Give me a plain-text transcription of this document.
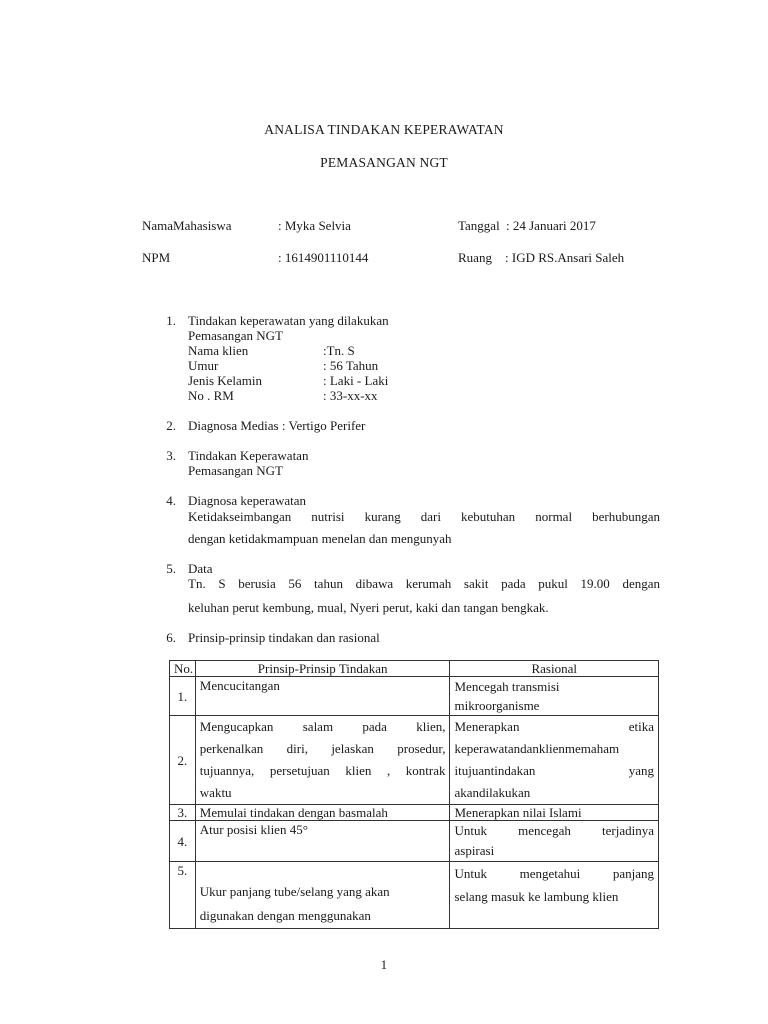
ANALISA TINDAKAN KEPERAWATAN
PEMASANGAN NGT
NamaMahasiswa	: Myka Selvia	Tanggal : 24 Januari 2017
NPM	: 1614901110144	Ruang : IGD RS.Ansari Saleh
1. Tindakan keperawatan yang dilakukan
Pemasangan NGT
Nama klien	:Tn. S
Umur	: 56 Tahun
Jenis Kelamin	: Laki - Laki
No . RM	: 33-xx-xx
2. Diagnosa Medias : Vertigo Perifer
3. Tindakan Keperawatan
Pemasangan NGT
4. Diagnosa keperawatan
Ketidakseimbangan nutrisi kurang dari kebutuhan normal berhubungan
dengan ketidakmampuan menelan dan mengunyah
5. Data
Tn. S berusia 56 tahun dibawa kerumah sakit pada pukul 19.00 dengan
keluhan perut kembung, mual, Nyeri perut, kaki dan tangan bengkak.
6. Prinsip-prinsip tindakan dan rasional
No.	Prinsip-Prinsip Tindakan	Rasional
1.	Mencucitangan	Mencegah transmisi
mikroorganisme

2.	Mengucapkan salam pada klien,
perkenalkan diri, jelaskan prosedur,
tujuannya, persetujuan klien , kontrak
waktu	Menerapkan etika
keperawatandanklienmemaham
itujuantindakan yang
akandilakukan

3.	Memulai tindakan dengan basmalah	Menerapkan nilai Islami

4.	Atur posisi klien 45°	Untuk mencegah terjadinya
aspirasi

5.	Ukur panjang tube/selang yang akan
digunakan dengan menggunakan	Untuk mengetahui panjang
selang masuk ke lambung klien
1
